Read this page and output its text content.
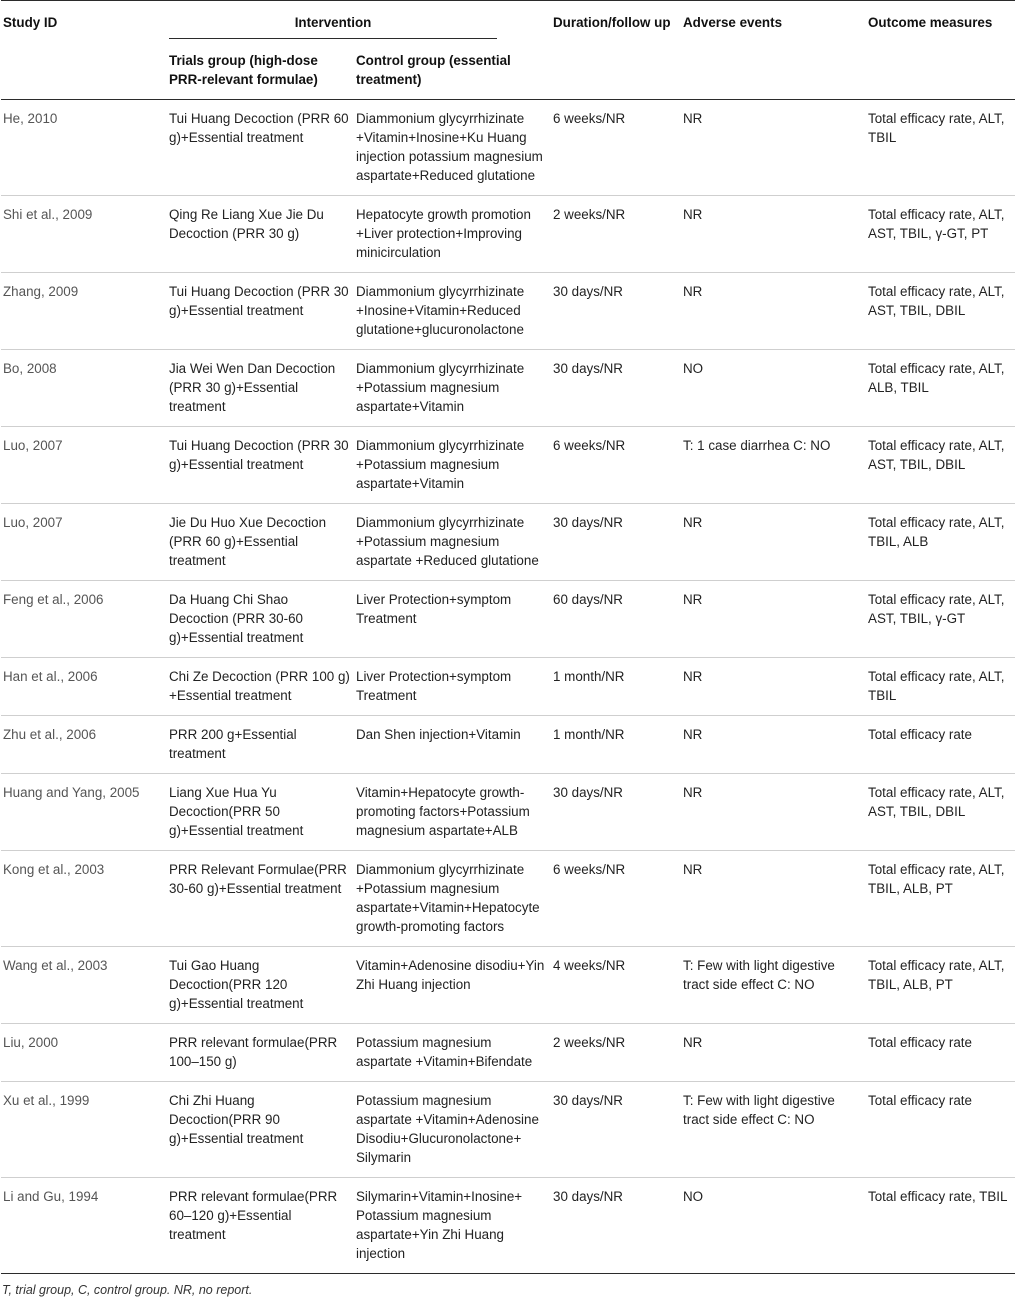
Study ID	Intervention		Duration/follow up	Adverse events	Outcome measures
	Trials group (high-dose PRR-relevant formulae)	Control group (essential treatment)			
He, 2010	Tui Huang Decoction (PRR 60 g)+Essential treatment	Diammonium glycyrrhizinate +Vitamin+Inosine+Ku Huang injection potassium magnesium aspartate+Reduced glutatione	6 weeks/NR	NR	Total efficacy rate, ALT, TBIL
Shi et al., 2009	Qing Re Liang Xue Jie Du Decoction (PRR 30 g)	Hepatocyte growth promotion +Liver protection+Improving minicirculation	2 weeks/NR	NR	Total efficacy rate, ALT, AST, TBIL, γ-GT, PT
Zhang, 2009	Tui Huang Decoction (PRR 30 g)+Essential treatment	Diammonium glycyrrhizinate +Inosine+Vitamin+Reduced glutatione+glucuronolactone	30 days/NR	NR	Total efficacy rate, ALT, AST, TBIL, DBIL
Bo, 2008	Jia Wei Wen Dan Decoction (PRR 30 g)+Essential treatment	Diammonium glycyrrhizinate +Potassium magnesium aspartate+Vitamin	30 days/NR	NO	Total efficacy rate, ALT, ALB, TBIL
Luo, 2007	Tui Huang Decoction (PRR 30 g)+Essential treatment	Diammonium glycyrrhizinate +Potassium magnesium aspartate+Vitamin	6 weeks/NR	T: 1 case diarrhea C: NO	Total efficacy rate, ALT, AST, TBIL, DBIL
Luo, 2007	Jie Du Huo Xue Decoction (PRR 60 g)+Essential treatment	Diammonium glycyrrhizinate +Potassium magnesium aspartate +Reduced glutatione	30 days/NR	NR	Total efficacy rate, ALT, TBIL, ALB
Feng et al., 2006	Da Huang Chi Shao Decoction (PRR 30-60 g)+Essential treatment	Liver Protection+symptom Treatment	60 days/NR	NR	Total efficacy rate, ALT, AST, TBIL, γ-GT
Han et al., 2006	Chi Ze Decoction (PRR 100 g) +Essential treatment	Liver Protection+symptom Treatment	1 month/NR	NR	Total efficacy rate, ALT, TBIL
Zhu et al., 2006	PRR 200 g+Essential treatment	Dan Shen injection+Vitamin	1 month/NR	NR	Total efficacy rate
Huang and Yang, 2005	Liang Xue Hua Yu Decoction(PRR 50 g)+Essential treatment	Vitamin+Hepatocyte growth-promoting factors+Potassium magnesium aspartate+ALB	30 days/NR	NR	Total efficacy rate, ALT, AST, TBIL, DBIL
Kong et al., 2003	PRR Relevant Formulae(PRR 30-60 g)+Essential treatment	Diammonium glycyrrhizinate +Potassium magnesium aspartate+Vitamin+Hepatocyte growth-promoting factors	6 weeks/NR	NR	Total efficacy rate, ALT, TBIL, ALB, PT
Wang et al., 2003	Tui Gao Huang Decoction(PRR 120 g)+Essential treatment	Vitamin+Adenosine disodiu+Yin Zhi Huang injection	4 weeks/NR	T: Few with light digestive tract side effect C: NO	Total efficacy rate, ALT, TBIL, ALB, PT
Liu, 2000	PRR relevant formulae(PRR 100–150 g)	Potassium magnesium aspartate +Vitamin+Bifendate	2 weeks/NR	NR	Total efficacy rate
Xu et al., 1999	Chi Zhi Huang Decoction(PRR 90 g)+Essential treatment	Potassium magnesium aspartate +Vitamin+Adenosine Disodiu+Glucuronolactone+ Silymarin	30 days/NR	T: Few with light digestive tract side effect C: NO	Total efficacy rate
Li and Gu, 1994	PRR relevant formulae(PRR 60–120 g)+Essential treatment	Silymarin+Vitamin+Inosine+ Potassium magnesium aspartate+Yin Zhi Huang injection	30 days/NR	NO	Total efficacy rate, TBIL
T, trial group, C, control group. NR, no report.
